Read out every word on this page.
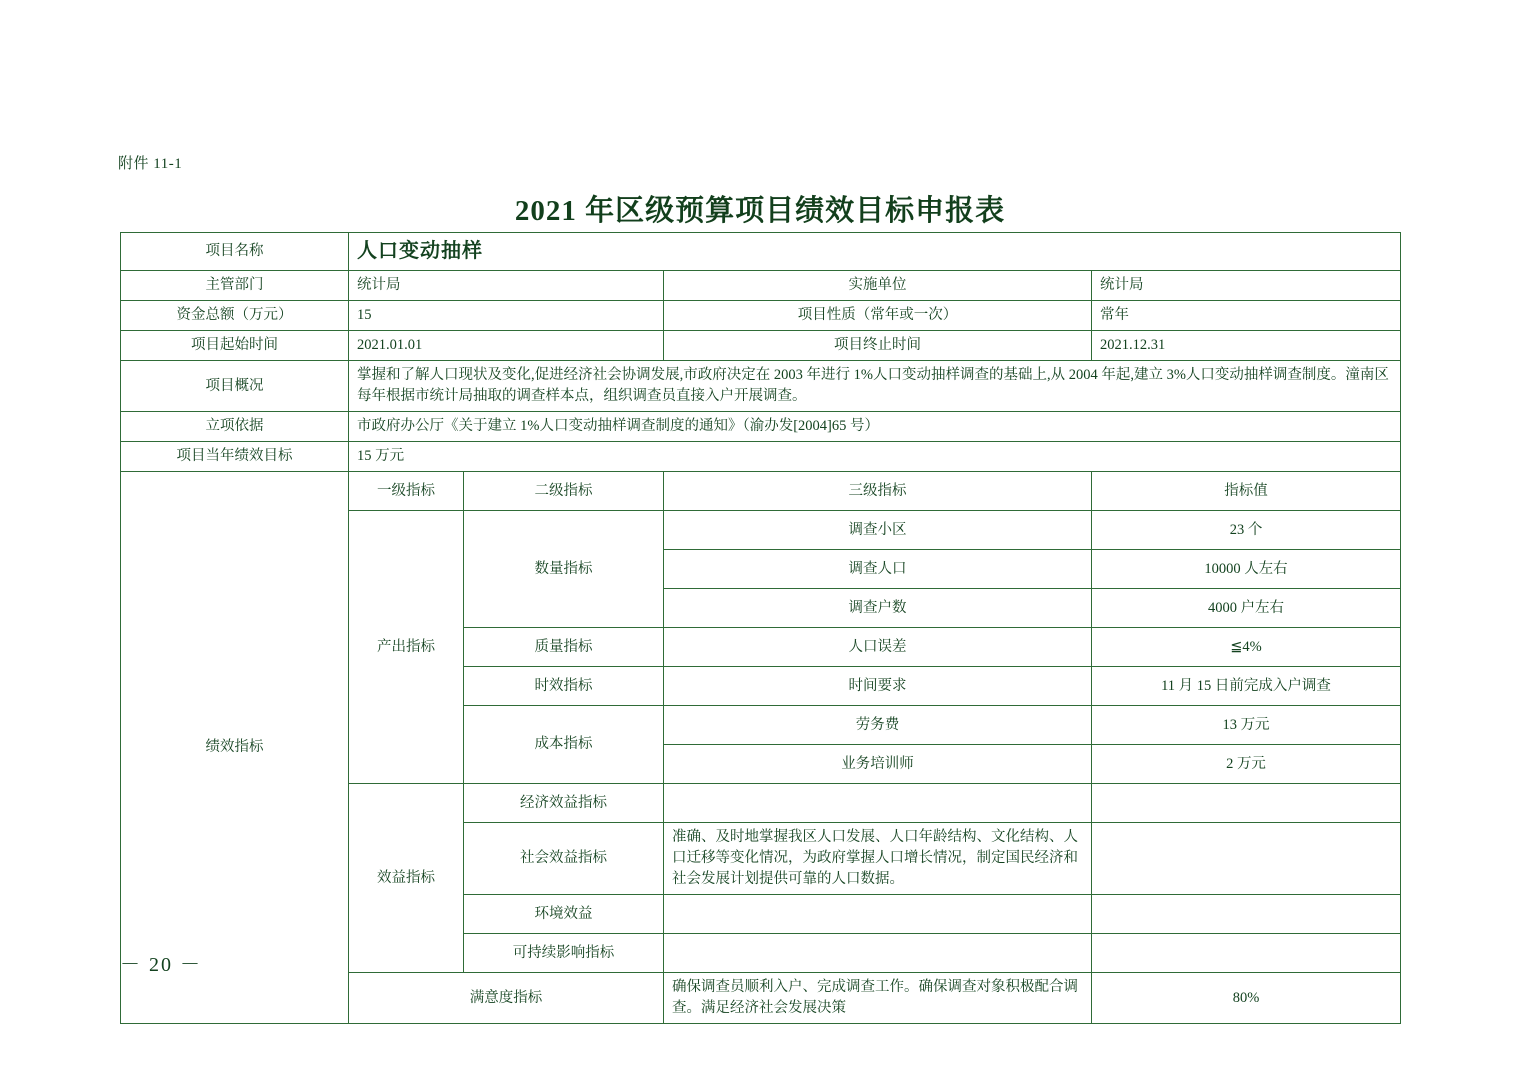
附件 11-1
2021 年区级预算项目绩效目标申报表
项目名称	人口变动抽样			
主管部门	统计局		实施单位	统计局
资金总额（万元）	15		项目性质（常年或一次）	常年
项目起始时间	2021.01.01		项目终止时间	2021.12.31
项目概况	掌握和了解人口现状及变化,促进经济社会协调发展,市政府决定在 2003 年进行 1%人口变动抽样调查的基础上,从 2004 年起,建立 3%人口变动抽样调查制度。潼南区每年根据市统计局抽取的调查样本点，组织调查员直接入户开展调查。			
立项依据	市政府办公厅《关于建立 1%人口变动抽样调查制度的通知》（渝办发[2004]65 号）			
项目当年绩效目标	15 万元			
绩效指标	一级指标	二级指标	三级指标	指标值
	产出指标	数量指标	调查小区	23 个
			调查人口	10000 人左右
			调查户数	4000 户左右
		质量指标	人口误差	≦4%
		时效指标	时间要求	11 月 15 日前完成入户调查
		成本指标	劳务费	13 万元
			业务培训师	2 万元
	效益指标	经济效益指标		
		社会效益指标	准确、及时地掌握我区人口发展、人口年龄结构、文化结构、人口迁移等变化情况，为政府掌握人口增长情况，制定国民经济和社会发展计划提供可靠的人口数据。	
		环境效益		
		可持续影响指标		
	满意度指标		确保调查员顺利入户、完成调查工作。确保调查对象积极配合调查。满足经济社会发展决策	80%
－ 20 －
